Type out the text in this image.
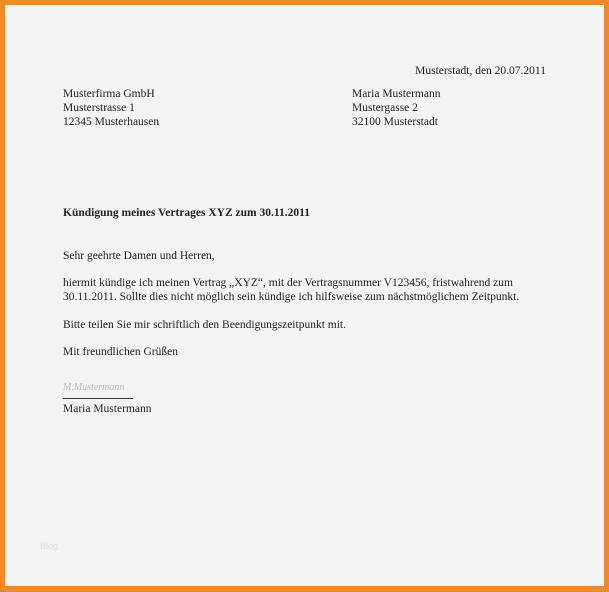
Musterstadt, den 20.07.2011
Musterfirma GmbH
Musterstrasse 1
12345 Musterhausen
Maria Mustermann
Mustergasse 2
32100 Musterstadt
Kündigung meines Vertrages XYZ zum 30.11.2011
Sehr geehrte Damen und Herren,
hiermit kündige ich meinen Vertrag „XYZ“, mit der Vertragsnummer V123456, fristwahrend zum
30.11.2011. Sollte dies nicht möglich sein kündige ich hilfsweise zum nächstmöglichem Zeitpunkt.
Bitte teilen Sie mir schriftlich den Beendigungszeitpunkt mit.
Mit freundlichen Grüßen
M.Mustermann
Maria Mustermann
Blog
